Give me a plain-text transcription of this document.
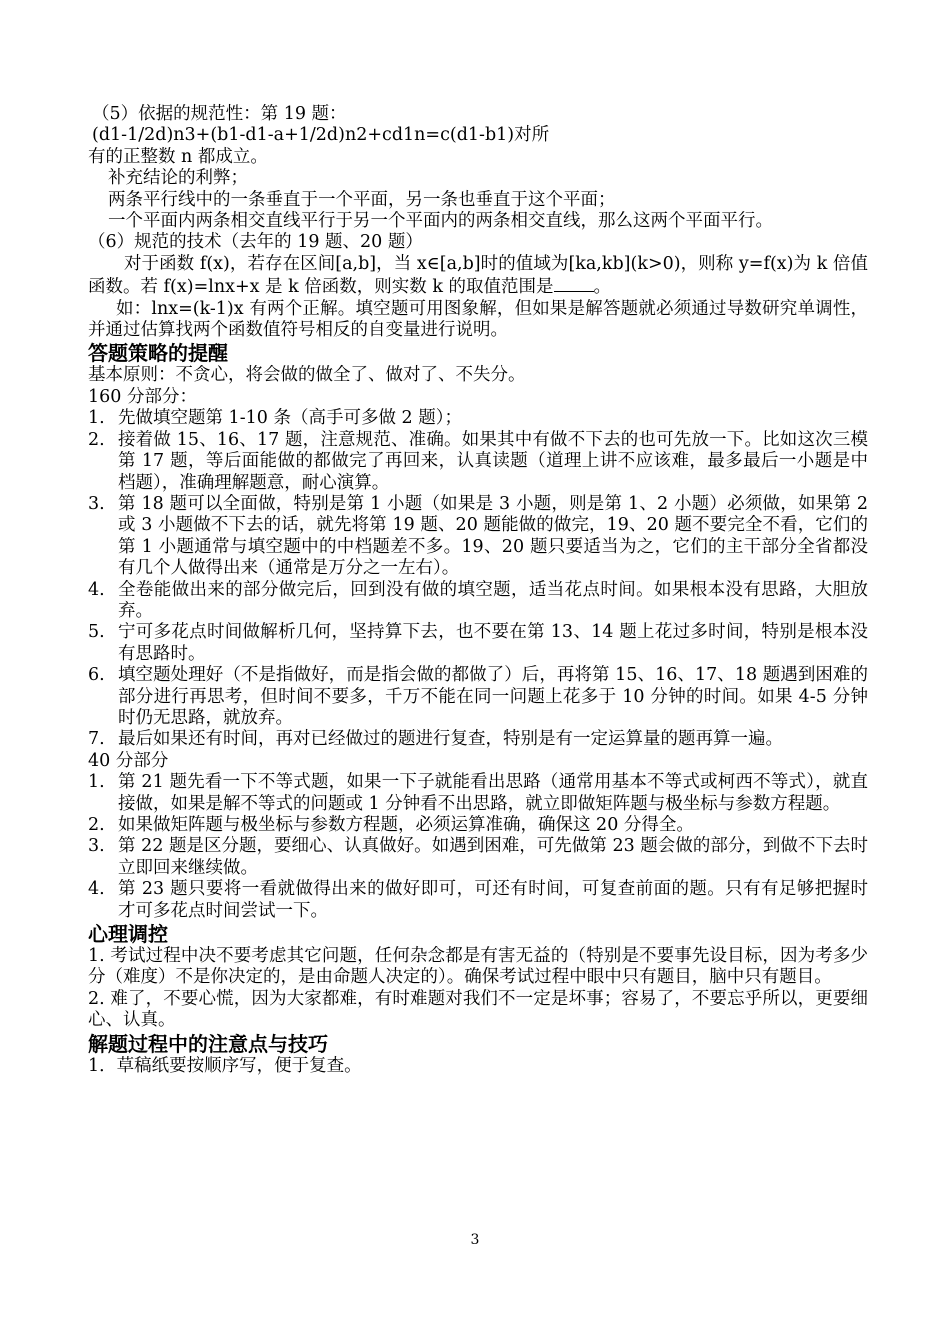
（5）依据的规范性：第 19 题：

(d1-1/2d)n3+(b1-d1-a+1/2d)n2+cd1n=c(d1-b1)对所

有的正整数 n 都成立。

补充结论的利弊；

两条平行线中的一条垂直于一个平面，另一条也垂直于这个平面；

一个平面内两条相交直线平行于另一个平面内的两条相交直线，那么这两个平面平行。

（6）规范的技术（去年的 19 题、20 题）

对于函数 f(x)，若存在区间[a,b]，当 x∈[a,b]时的值域为[ka,kb](k>0)，则称 y=f(x)为 k 倍值函数。若 f(x)=lnx+x 是 k 倍函数，则实数 k 的取值范围是 。

如：lnx=(k-1)x 有两个正解。填空题可用图象解，但如果是解答题就必须通过导数研究单调性，并通过估算找两个函数值符号相反的自变量进行说明。

答题策略的提醒

基本原则：不贪心，将会做的做全了、做对了、不失分。

160 分部分：

1. 先做填空题第 1-10 条（高手可多做 2 题）；
2. 接着做 15、16、17 题，注意规范、准确。如果其中有做不下去的也可先放一下。比如这次三模第 17 题，等后面能做的都做完了再回来，认真读题（道理上讲不应该难，最多最后一小题是中档题），准确理解题意，耐心演算。
3. 第 18 题可以全面做，特别是第 1 小题（如果是 3 小题，则是第 1、2 小题）必须做，如果第 2 或 3 小题做不下去的话，就先将第 19 题、20 题能做的做完，19、20 题不要完全不看，它们的第 1 小题通常与填空题中的中档题差不多。19、20 题只要适当为之，它们的主干部分全省都没有几个人做得出来（通常是万分之一左右）。
4. 全卷能做出来的部分做完后，回到没有做的填空题，适当花点时间。如果根本没有思路，大胆放弃。
5. 宁可多花点时间做解析几何，坚持算下去，也不要在第 13、14 题上花过多时间，特别是根本没有思路时。
6. 填空题处理好（不是指做好，而是指会做的都做了）后，再将第 15、16、17、18 题遇到困难的部分进行再思考，但时间不要多，千万不能在同一问题上花多于 10 分钟的时间。如果 4-5 分钟时仍无思路，就放弃。
7. 最后如果还有时间，再对已经做过的题进行复查，特别是有一定运算量的题再算一遍。

40 分部分

1. 第 21 题先看一下不等式题，如果一下子就能看出思路（通常用基本不等式或柯西不等式），就直接做，如果是解不等式的问题或 1 分钟看不出思路，就立即做矩阵题与极坐标与参数方程题。
2. 如果做矩阵题与极坐标与参数方程题，必须运算准确，确保这 20 分得全。
3. 第 22 题是区分题，要细心、认真做好。如遇到困难，可先做第 23 题会做的部分，到做不下去时立即回来继续做。
4. 第 23 题只要将一看就做得出来的做好即可，可还有时间，可复查前面的题。只有有足够把握时才可多花点时间尝试一下。
心理调控

1. 考试过程中决不要考虑其它问题，任何杂念都是有害无益的（特别是不要事先设目标，因为考多少分（难度）不是你决定的，是由命题人决定的）。确保考试过程中眼中只有题目，脑中只有题目。

2. 难了，不要心慌，因为大家都难，有时难题对我们不一定是坏事；容易了，不要忘乎所以，更要细心、认真。

解题过程中的注意点与技巧

1．草稿纸要按顺序写，便于复查。

3
